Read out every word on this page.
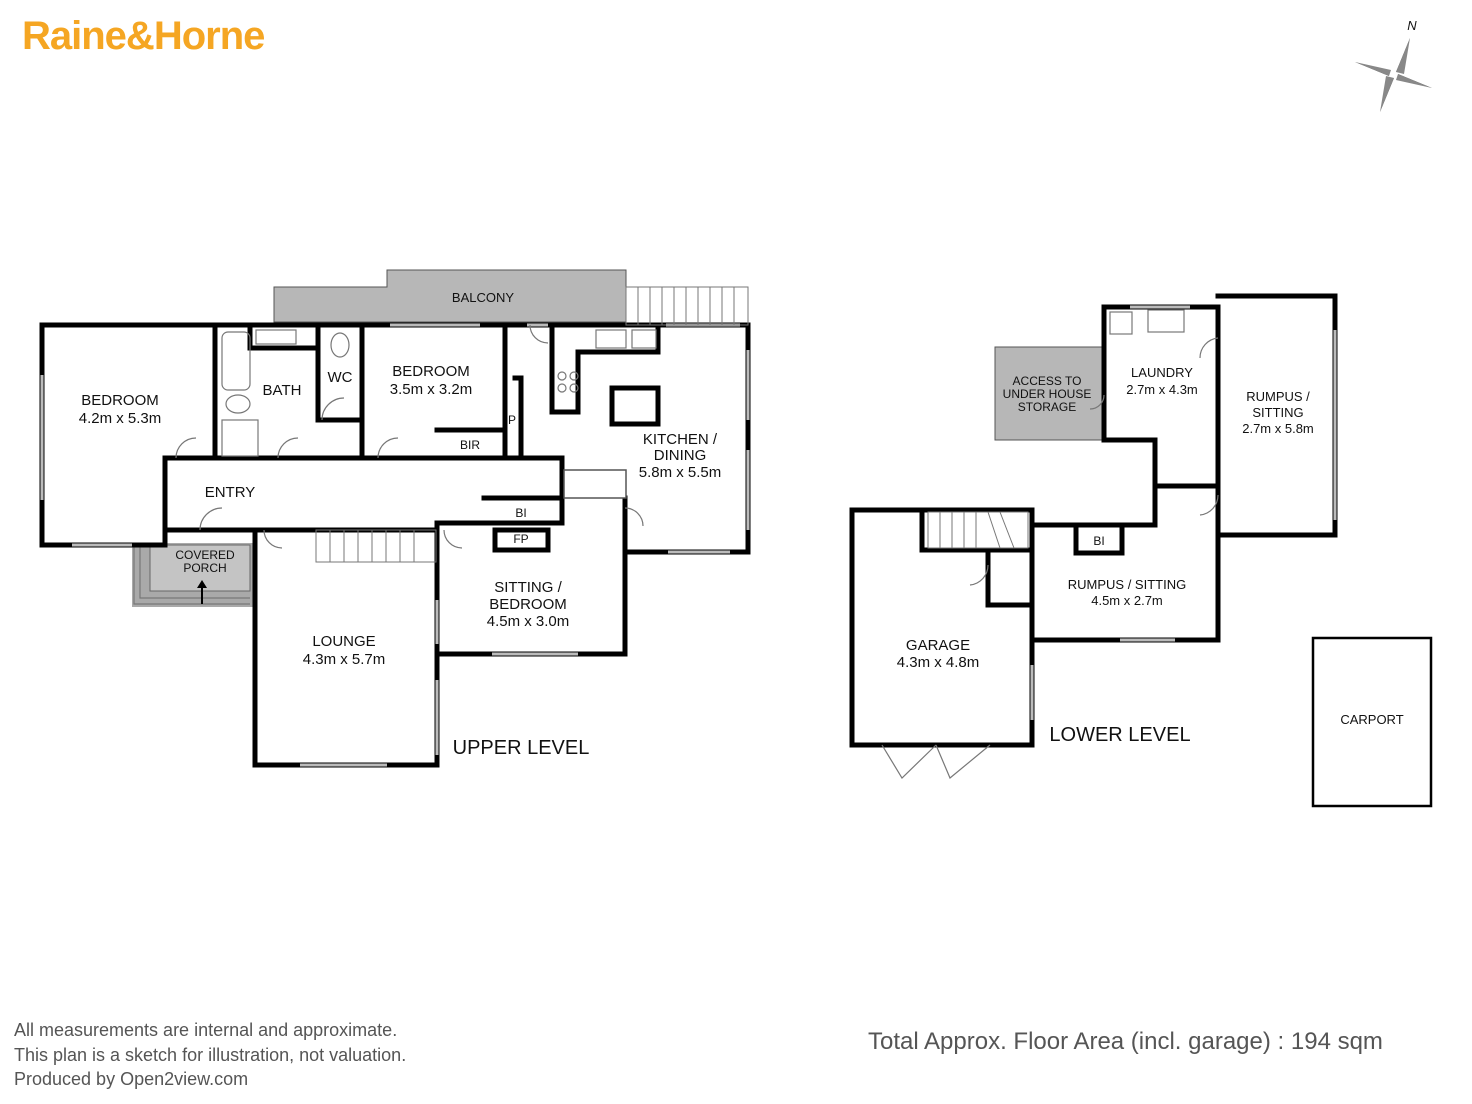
Raine&Horne	N
BALCONY
BEDROOM
4.2m x 5.3m
BATH
WC	BEDROOM
3.5m x 3.2m
BIR
P
KITCHEN /
DINING
5.8m x 5.5m
ENTRY
COVERED
PORCH
BI
FP
SITTING /
BEDROOM
4.5m x 3.0m
LOUNGE
4.3m x 5.7m
UPPER LEVEL
ACCESS TO
UNDER HOUSE
STORAGE
LAUNDRY
2.7m x 4.3m	RUMPUS /
SITTING
2.7m x 5.8m
BI
RUMPUS / SITTING
4.5m x 2.7m
GARAGE
4.3m x 4.8m
LOWER LEVEL
CARPORT
All measurements are internal and approximate.
This plan is a sketch for illustration, not valuation.
Produced by Open2view.com
Total Approx. Floor Area (incl. garage) : 194 sqm
